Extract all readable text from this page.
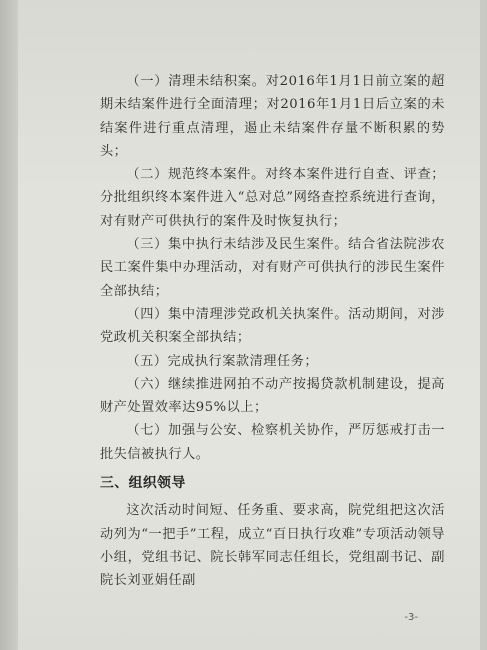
（一）清理未结积案。对2016年1月1日前立案的超期未结案件进行全面清理；对2016年1月1日后立案的未结案件进行重点清理，遏止未结案件存量不断积累的势头；

（二）规范终本案件。对终本案件进行自查、评查；分批组织终本案件进入“总对总”网络查控系统进行查询，对有财产可供执行的案件及时恢复执行；

（三）集中执行未结涉及民生案件。结合省法院涉农民工案件集中办理活动，对有财产可供执行的涉民生案件全部执结；

（四）集中清理涉党政机关执案件。活动期间，对涉党政机关积案全部执结；

（五）完成执行案款清理任务；

（六）继续推进网拍不动产按揭贷款机制建设，提高财产处置效率达95%以上；

（七）加强与公安、检察机关协作，严厉惩戒打击一批失信被执行人。

三、组织领导

这次活动时间短、任务重、要求高，院党组把这次活动列为“一把手”工程，成立“百日执行攻难”专项活动领导小组，党组书记、院长韩军同志任组长，党组副书记、副院长刘亚娟任副

-3-
